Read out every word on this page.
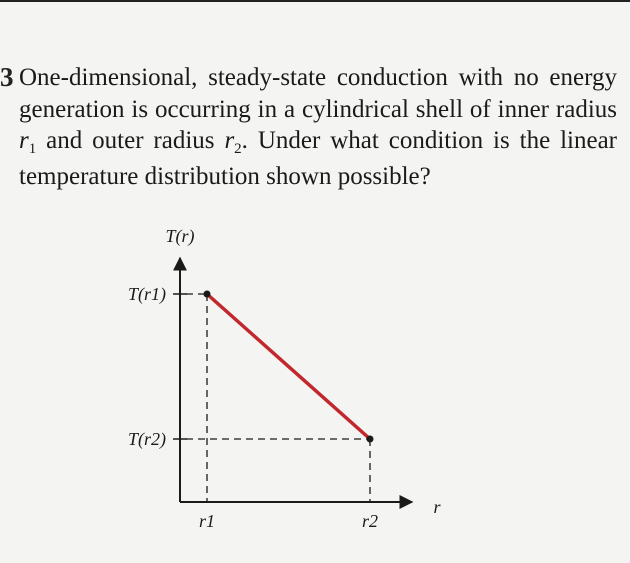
3 One-dimensional, steady-state conduction with no energy generation is occurring in a cylindrical shell of inner radius $r_1$ and outer radius $r_2$. Under what condition is the linear temperature distribution shown possible?
T(r)
r
T(r1)
T(r2)
r1	r2
